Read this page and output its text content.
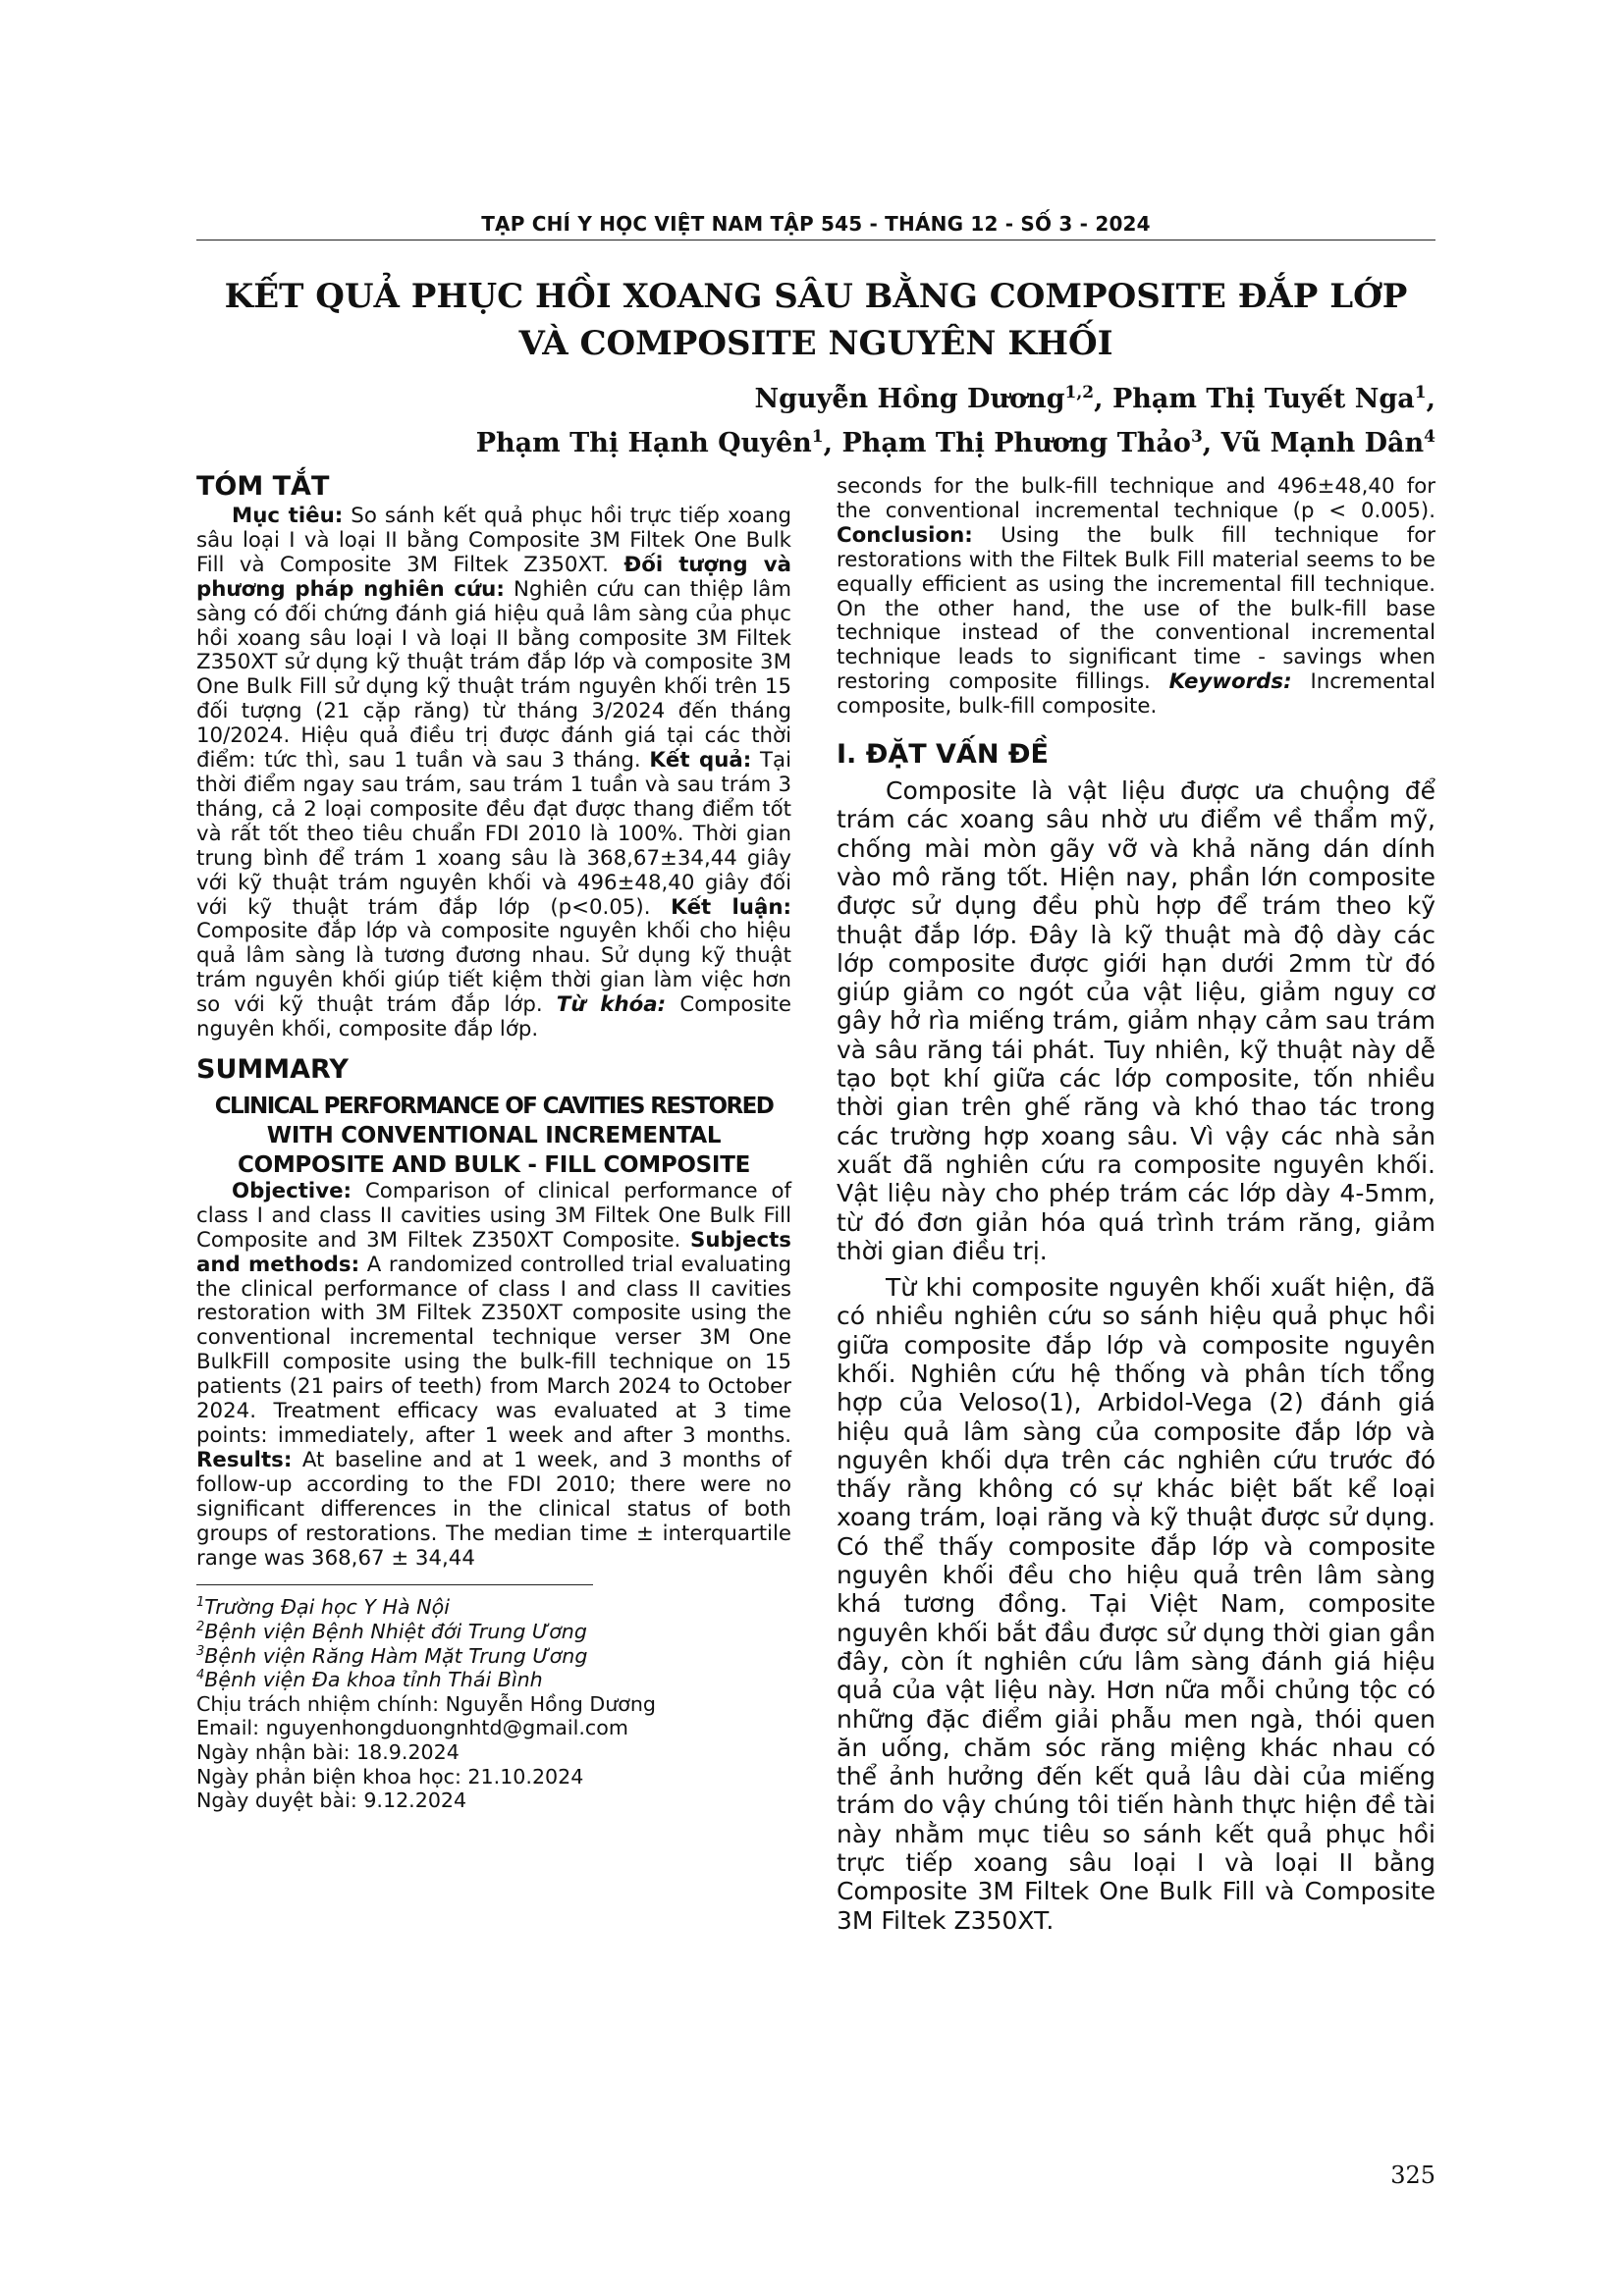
TẠP CHÍ Y HỌC VIỆT NAM TẬP 545 - THÁNG 12 - SỐ 3 - 2024
KẾT QUẢ PHỤC HỒI XOANG SÂU BẰNG COMPOSITE ĐẮP LỚP
VÀ COMPOSITE NGUYÊN KHỐI
Nguyễn Hồng Dương$^{1,2}$, Phạm Thị Tuyết Nga$^1$,
Phạm Thị Hạnh Quyên$^1$, Phạm Thị Phương Thảo$^3$, Vũ Mạnh Dân$^4$
TÓM TẮT

Mục tiêu: So sánh kết quả phục hồi trực tiếp xoang sâu loại I và loại II bằng Composite 3M Filtek One Bulk Fill và Composite 3M Filtek Z350XT. Đối tượng và phương pháp nghiên cứu: Nghiên cứu can thiệp lâm sàng có đối chứng đánh giá hiệu quả lâm sàng của phục hồi xoang sâu loại I và loại II bằng composite 3M Filtek Z350XT sử dụng kỹ thuật trám đắp lớp và composite 3M One Bulk Fill sử dụng kỹ thuật trám nguyên khối trên 15 đối tượng (21 cặp răng) từ tháng 3/2024 đến tháng 10/2024. Hiệu quả điều trị được đánh giá tại các thời điểm: tức thì, sau 1 tuần và sau 3 tháng. Kết quả: Tại thời điểm ngay sau trám, sau trám 1 tuần và sau trám 3 tháng, cả 2 loại composite đều đạt được thang điểm tốt và rất tốt theo tiêu chuẩn FDI 2010 là 100%. Thời gian trung bình để trám 1 xoang sâu là 368,67±34,44 giây với kỹ thuật trám nguyên khối và 496±48,40 giây đối với kỹ thuật trám đắp lớp (p<0.05). Kết luận: Composite đắp lớp và composite nguyên khối cho hiệu quả lâm sàng là tương đương nhau. Sử dụng kỹ thuật trám nguyên khối giúp tiết kiệm thời gian làm việc hơn so với kỹ thuật trám đắp lớp. Từ khóa: Composite nguyên khối, composite đắp lớp.

SUMMARY
CLINICAL PERFORMANCE OF CAVITIES RESTORED
WITH CONVENTIONAL INCREMENTAL
COMPOSITE AND BULK - FILL COMPOSITE

Objective: Comparison of clinical performance of class I and class II cavities using 3M Filtek One Bulk Fill Composite and 3M Filtek Z350XT Composite. Subjects and methods: A randomized controlled trial evaluating the clinical performance of class I and class II cavities restoration with 3M Filtek Z350XT composite using the conventional incremental technique verser 3M One BulkFill composite using the bulk-fill technique on 15 patients (21 pairs of teeth) from March 2024 to October 2024. Treatment efficacy was evaluated at 3 time points: immediately, after 1 week and after 3 months. Results: At baseline and at 1 week, and 3 months of follow-up according to the FDI 2010; there were no significant differences in the clinical status of both groups of restorations. The median time ± interquartile range was 368,67 ± 34,44

$^1$Trường Đại học Y Hà Nội

$^2$Bệnh viện Bệnh Nhiệt đới Trung Ương

$^3$Bệnh viện Răng Hàm Mặt Trung Ương

$^4$Bệnh viện Đa khoa tỉnh Thái Bình

Chịu trách nhiệm chính: Nguyễn Hồng Dương

Email: nguyenhongduongnhtd@gmail.com

Ngày nhận bài: 18.9.2024

Ngày phản biện khoa học: 21.10.2024

Ngày duyệt bài: 9.12.2024

seconds for the bulk-fill technique and 496±48,40 for the conventional incremental technique (p < 0.005). Conclusion: Using the bulk fill technique for restorations with the Filtek Bulk Fill material seems to be equally efficient as using the incremental fill technique. On the other hand, the use of the bulk-fill base technique instead of the conventional incremental technique leads to significant time - savings when restoring composite fillings. Keywords: Incremental composite, bulk-fill composite.

I. ĐẶT VẤN ĐỀ

Composite là vật liệu được ưa chuộng để trám các xoang sâu nhờ ưu điểm về thẩm mỹ, chống mài mòn gãy vỡ và khả năng dán dính vào mô răng tốt. Hiện nay, phần lớn composite được sử dụng đều phù hợp để trám theo kỹ thuật đắp lớp. Đây là kỹ thuật mà độ dày các lớp composite được giới hạn dưới 2mm từ đó giúp giảm co ngót của vật liệu, giảm nguy cơ gây hở rìa miếng trám, giảm nhạy cảm sau trám và sâu răng tái phát. Tuy nhiên, kỹ thuật này dễ tạo bọt khí giữa các lớp composite, tốn nhiều thời gian trên ghế răng và khó thao tác trong các trường hợp xoang sâu. Vì vậy các nhà sản xuất đã nghiên cứu ra composite nguyên khối. Vật liệu này cho phép trám các lớp dày 4-5mm, từ đó đơn giản hóa quá trình trám răng, giảm thời gian điều trị.

Từ khi composite nguyên khối xuất hiện, đã có nhiều nghiên cứu so sánh hiệu quả phục hồi giữa composite đắp lớp và composite nguyên khối. Nghiên cứu hệ thống và phân tích tổng hợp của Veloso(1), Arbidol-Vega (2) đánh giá hiệu quả lâm sàng của composite đắp lớp và nguyên khối dựa trên các nghiên cứu trước đó thấy rằng không có sự khác biệt bất kể loại xoang trám, loại răng và kỹ thuật được sử dụng. Có thể thấy composite đắp lớp và composite nguyên khối đều cho hiệu quả trên lâm sàng khá tương đồng. Tại Việt Nam, composite nguyên khối bắt đầu được sử dụng thời gian gần đây, còn ít nghiên cứu lâm sàng đánh giá hiệu quả của vật liệu này. Hơn nữa mỗi chủng tộc có những đặc điểm giải phẫu men ngà, thói quen ăn uống, chăm sóc răng miệng khác nhau có thể ảnh hưởng đến kết quả lâu dài của miếng trám do vậy chúng tôi tiến hành thực hiện đề tài này nhằm mục tiêu so sánh kết quả phục hồi trực tiếp xoang sâu loại I và loại II bằng Composite 3M Filtek One Bulk Fill và Composite 3M Filtek Z350XT.

325
